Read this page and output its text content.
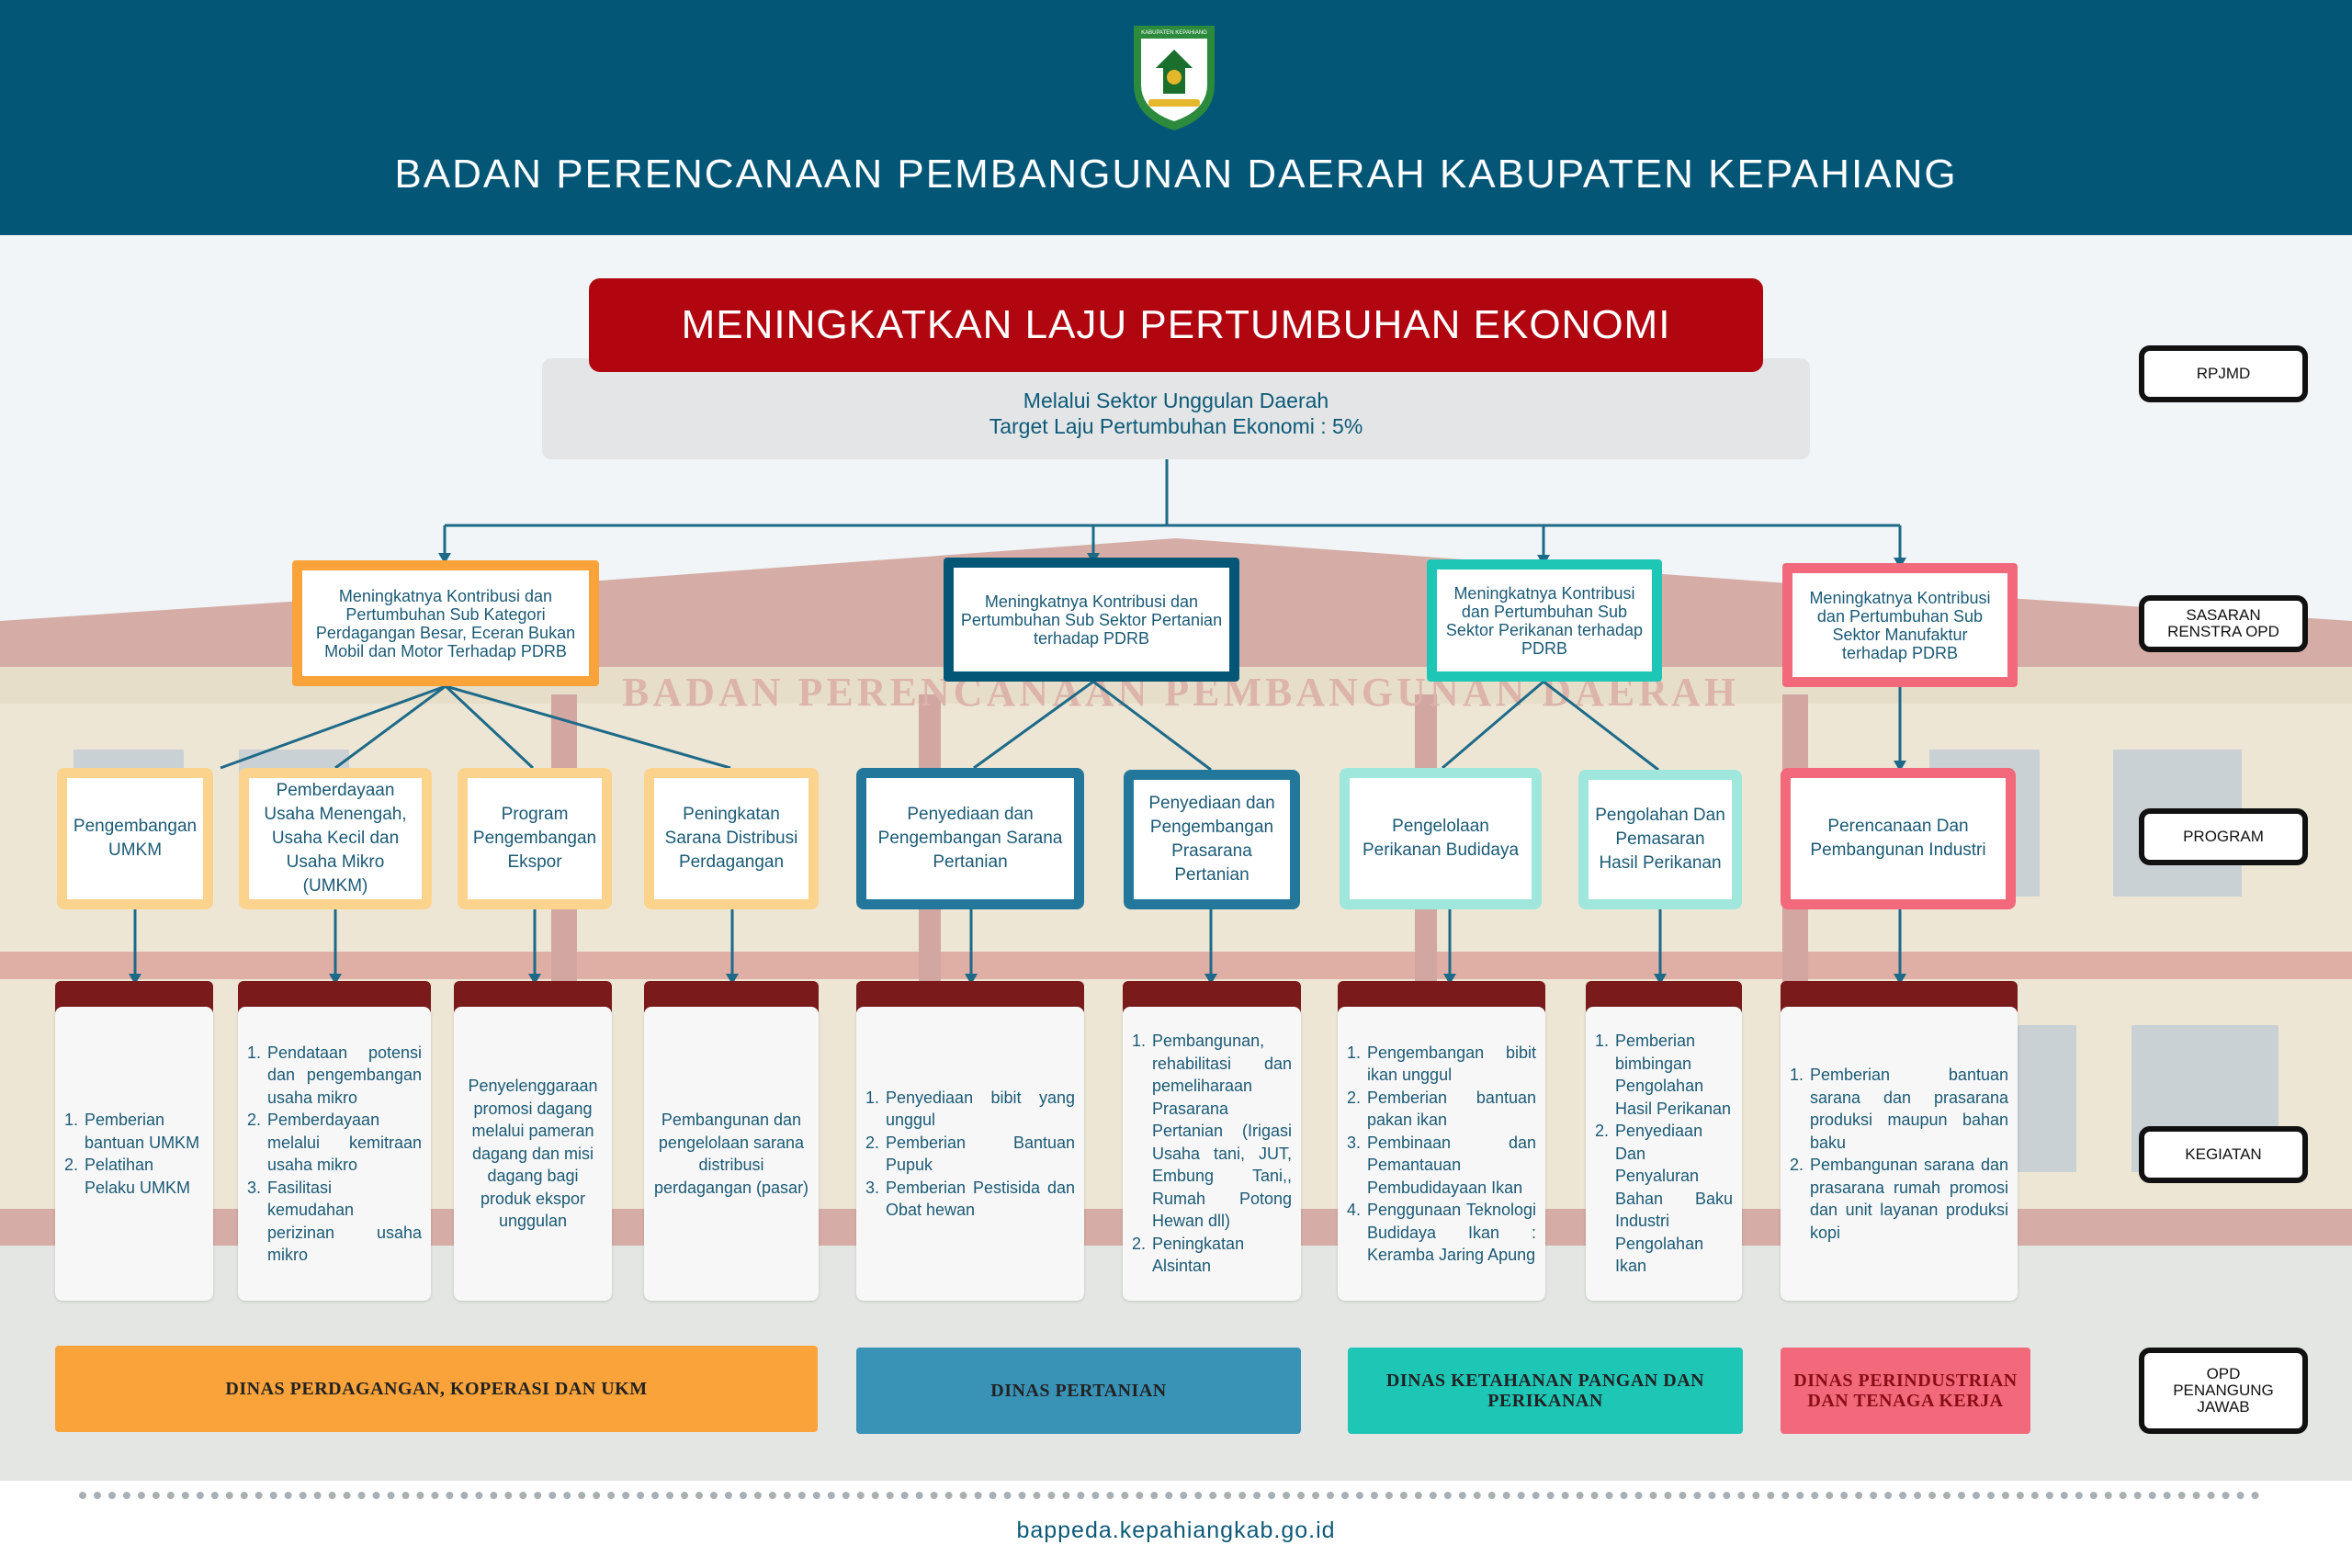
KABUPATEN KEPAHIANG
BADAN PERENCANAAN PEMBANGUNAN DAERAH KABUPATEN KEPAHIANG
Melalui Sektor Unggulan Daerah
Target Laju Pertumbuhan Ekonomi : 5%
MENINGKATKAN LAJU PERTUMBUHAN EKONOMI
Meningkatnya Kontribusi dan Pertumbuhan Sub Kategori Perdagangan Besar, Eceran Bukan Mobil dan Motor Terhadap PDRB
Meningkatnya Kontribusi dan Pertumbuhan Sub Sektor Pertanian terhadap PDRB
Meningkatnya Kontribusi dan Pertumbuhan Sub Sektor Perikanan terhadap PDRB
Meningkatnya Kontribusi dan Pertumbuhan Sub Sektor Manufaktur terhadap PDRB
Pengembangan UMKM
Pemberdayaan Usaha Menengah, Usaha Kecil dan Usaha Mikro (UMKM)
Program Pengembangan Ekspor
Peningkatan Sarana Distribusi Perdagangan
Penyediaan dan Pengembangan Sarana Pertanian
Penyediaan dan Pengembangan Prasarana Pertanian
Pengelolaan Perikanan Budidaya
Pengolahan Dan Pemasaran Hasil Perikanan
Perencanaan Dan Pembangunan Industri
1. Pemberian bantuan UMKM
2. Pelatihan Pelaku UMKM
1. Pendataan potensi dan pengembangan usaha mikro
2. Pemberdayaan melalui kemitraan usaha mikro
3. Fasilitasi kemudahan perizinan usaha mikro
Penyelenggaraan promosi dagang melalui pameran dagang dan misi dagang bagi produk ekspor unggulan
Pembangunan dan pengelolaan sarana distribusi perdagangan (pasar)
1. Penyediaan bibit yang unggul
2. Pemberian Bantuan Pupuk
3. Pemberian Pestisida dan Obat hewan
1. Pembangunan, rehabilitasi dan pemeliharaan Prasarana Pertanian (Irigasi Usaha tani, JUT, Embung Tani,, Rumah Potong Hewan dll)
2. Peningkatan Alsintan
1. Pengembangan bibit ikan unggul
2. Pemberian bantuan pakan ikan
3. Pembinaan dan Pemantauan Pembudidayaan Ikan
4. Penggunaan Teknologi Budidaya Ikan : Keramba Jaring Apung
1. Pemberian bimbingan Pengolahan Hasil Perikanan
2. Penyediaan Dan Penyaluran Bahan Baku Industri Pengolahan Ikan
1. Pemberian bantuan sarana dan prasarana produksi maupun bahan baku
2. Pembangunan sarana dan prasarana rumah promosi dan unit layanan produksi kopi
DINAS PERDAGANGAN, KOPERASI DAN UKM	DINAS PERTANIAN	DINAS KETAHANAN PANGAN DAN PERIKANAN
DINAS PERINDUSTRIAN DAN TENAGA KERJA
RPJMD
SASARAN RENSTRA OPD
PROGRAM
KEGIATAN
OPD PENANGUNG JAWAB
bappeda.kepahiangkab.go.id
